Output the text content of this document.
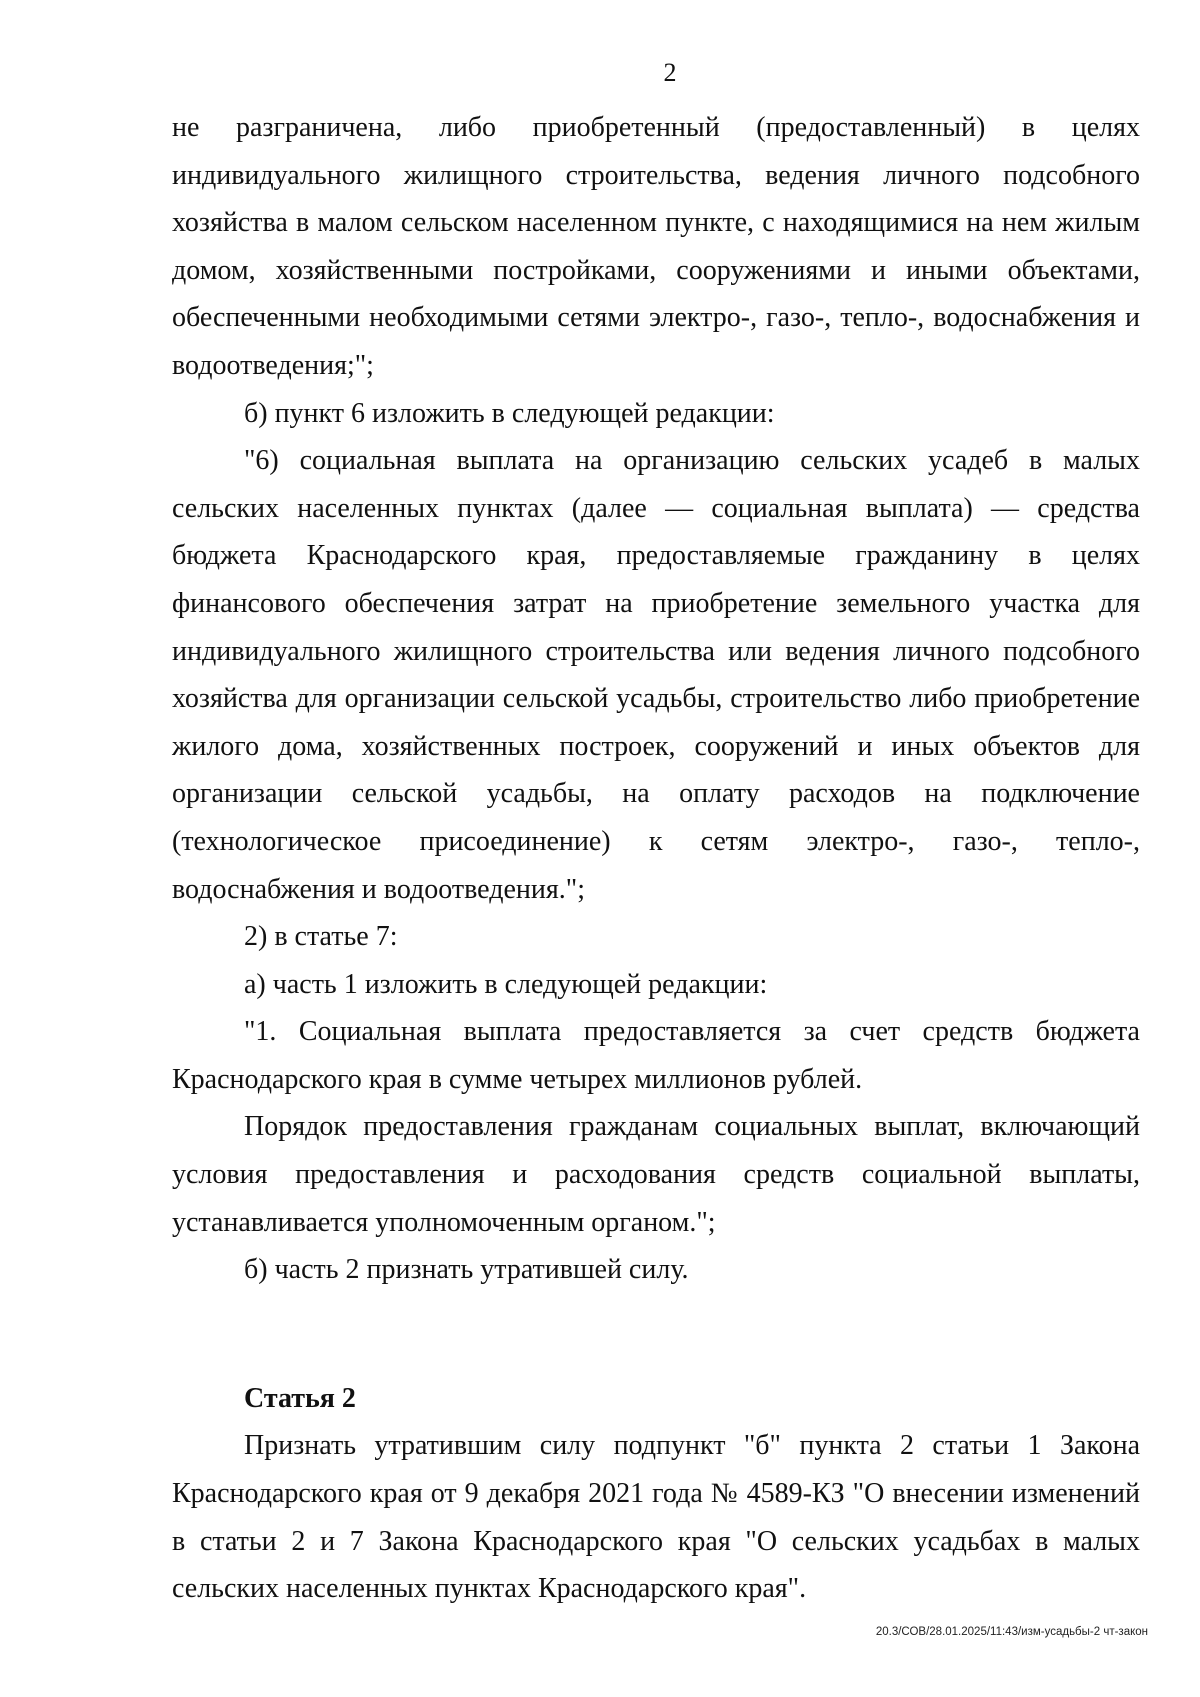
2

не разграничена, либо приобретенный (предоставленный) в целях индивидуального жилищного строительства, ведения личного подсобного хозяйства в малом сельском населенном пункте, с находящимися на нем жилым домом, хозяйственными постройками, сооружениями и иными объектами, обеспеченными необходимыми сетями электро-, газо-, тепло-, водоснабжения и водоотведения;";

б) пункт 6 изложить в следующей редакции:

"6) социальная выплата на организацию сельских усадеб в малых сельских населенных пунктах (далее — социальная выплата) — средства бюджета Краснодарского края, предоставляемые гражданину в целях финансового обеспечения затрат на приобретение земельного участка для индивидуального жилищного строительства или ведения личного подсобного хозяйства для организации сельской усадьбы, строительство либо приобретение жилого дома, хозяйственных построек, сооружений и иных объектов для организации сельской усадьбы, на оплату расходов на подключение (технологическое присоединение) к сетям электро-, газо-, тепло-, водоснабжения и водоотведения.";

2) в статье 7:

а) часть 1 изложить в следующей редакции:

"1. Социальная выплата предоставляется за счет средств бюджета Краснодарского края в сумме четырех миллионов рублей.

Порядок предоставления гражданам социальных выплат, включающий условия предоставления и расходования средств социальной выплаты, устанавливается уполномоченным органом.";

б) часть 2 признать утратившей силу.

Статья 2

Признать утратившим силу подпункт "б" пункта 2 статьи 1 Закона Краснодарского края от 9 декабря 2021 года № 4589-КЗ "О внесении изменений в статьи 2 и 7 Закона Краснодарского края "О сельских усадьбах в малых сельских населенных пунктах Краснодарского края".

20.3/СОВ/28.01.2025/11:43/изм-усадьбы-2 чт-закон
